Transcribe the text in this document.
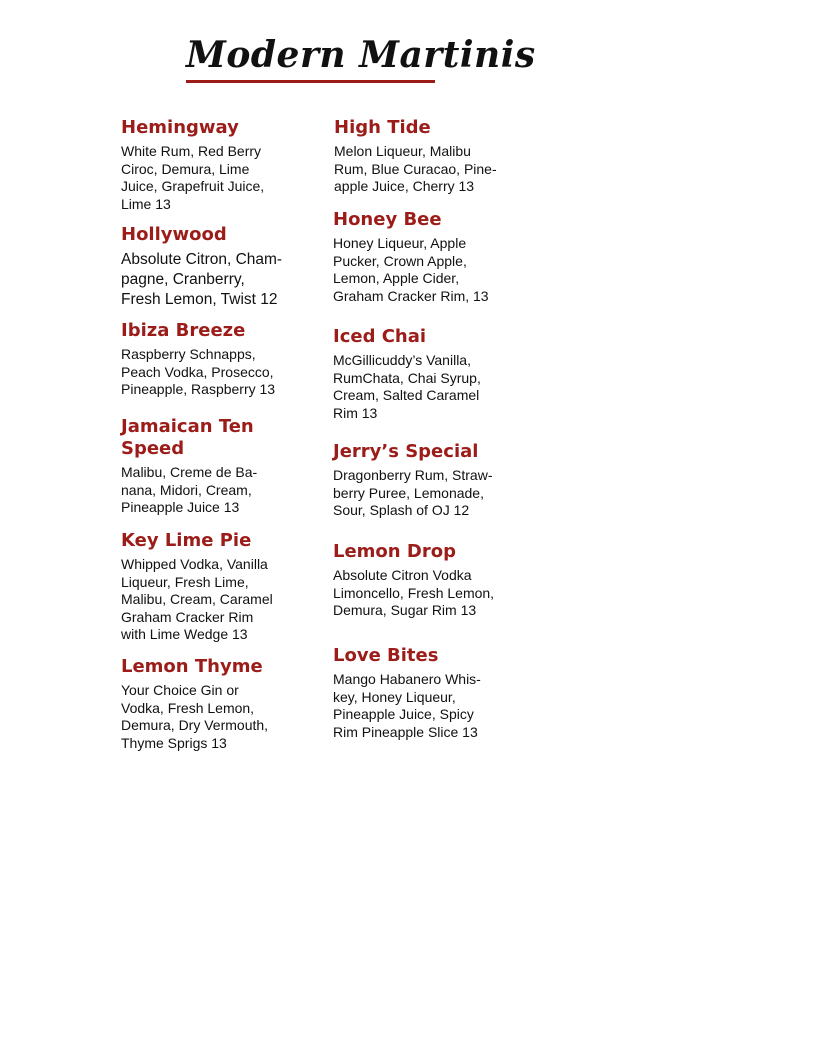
Modern Martinis
Hemingway
White Rum, Red Berry
Ciroc, Demura, Lime
Juice, Grapefruit Juice,
Lime 13
Hollywood
Absolute Citron, Cham-
pagne, Cranberry,
Fresh Lemon, Twist 12
Ibiza Breeze
Raspberry Schnapps,
Peach Vodka, Prosecco,
Pineapple, Raspberry 13
Jamaican Ten
Speed
Malibu, Creme de Ba-
nana, Midori, Cream,
Pineapple Juice 13
Key Lime Pie
Whipped Vodka, Vanilla
Liqueur, Fresh Lime,
Malibu, Cream, Caramel
Graham Cracker Rim
with Lime Wedge 13
Lemon Thyme
Your Choice Gin or
Vodka, Fresh Lemon,
Demura, Dry Vermouth,
Thyme Sprigs 13
High Tide
Melon Liqueur, Malibu
Rum, Blue Curacao, Pine-
apple Juice, Cherry 13
Honey Bee
Honey Liqueur, Apple
Pucker, Crown Apple,
Lemon, Apple Cider,
Graham Cracker Rim, 13
Iced Chai
McGillicuddy’s Vanilla,
RumChata, Chai Syrup,
Cream, Salted Caramel
Rim 13
Jerry’s Special
Dragonberry Rum, Straw-
berry Puree, Lemonade,
Sour, Splash of OJ 12
Lemon Drop
Absolute Citron Vodka
Limoncello, Fresh Lemon,
Demura, Sugar Rim 13
Love Bites
Mango Habanero Whis-
key, Honey Liqueur,
Pineapple Juice, Spicy
Rim Pineapple Slice 13
